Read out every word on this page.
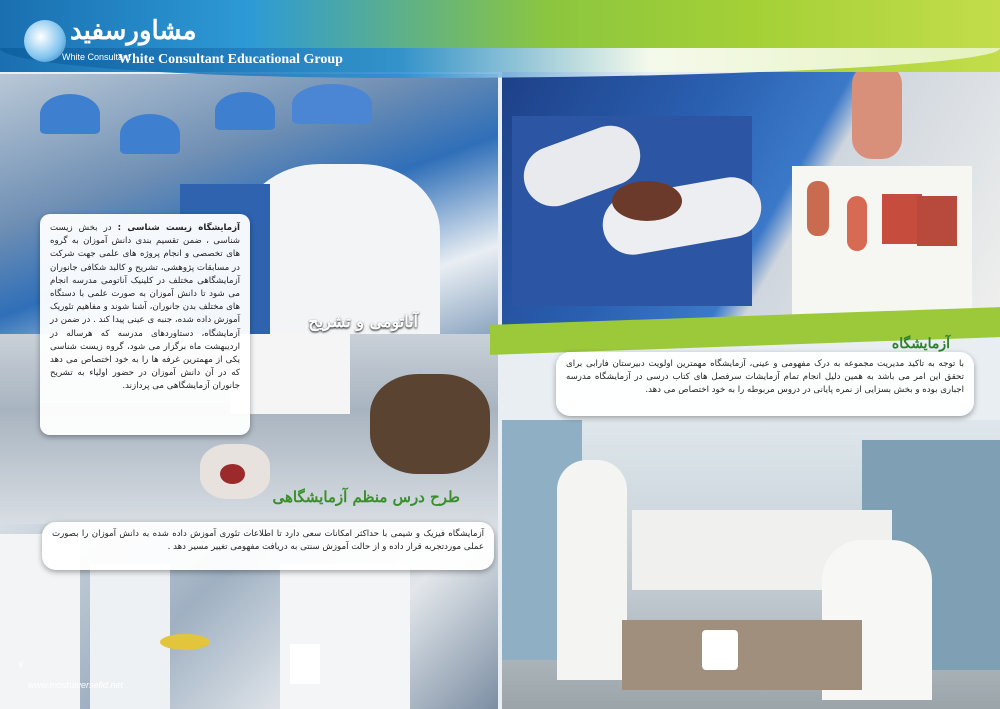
مشاورسفید
White Consultant
White Consultant Educational Group
آزمایشگاه زیست شناسی : در بخش زیست شناسی ، ضمن تقسیم بندی دانش آموزان به گروه های تخصصی و انجام پروژه های علمی جهت شرکت در مسابقات پژوهشی، تشریح و کالبد شکافی جانوران آزمایشگاهی مختلف در کلینیک آناتومی مدرسه انجام می شود تا دانش آموزان به صورت علمی با دستگاه های مختلف بدن جانوران، آشنا شوند و مفاهیم تئوریک آموزش داده شده، جنبه ی عینی پیدا کند . در ضمن در آزمایشگاه، دستاوردهای مدرسه که هرساله در اردیبهشت ماه برگزار می شود، گروه زیست شناسی یکی از مهمترین غرفه ها را به خود اختصاص می دهد که در آن دانش آموزان در حضور اولیاء به تشریح جانوران آزمایشگاهی می پردازند.
آناتومی و تشریح
آزمایشگاه
با توجه به تاکید مدیریت مجموعه به درک مفهومی و عینی، آزمایشگاه مهمترین اولویت دبیرستان فارابی برای تحقق این امر می باشد به همین دلیل انجام تمام آزمایشات سرفصل های کتاب درسی در آزمایشگاه مدرسه اجباری بوده و بخش بسزایی از نمره پایانی در دروس مربوطه را به خود اختصاص می دهد.
طرح درس منظم آزمایشگاهی
آزمایشگاه فیزیک و شیمی با حداکثر امکانات سعی دارد تا اطلاعات تئوری آموزش داده شده به دانش آموزان را بصورت عملی موردتجربه قرار داده و از حالت آموزش سنتی به دریافت مفهومی تغییر مسیر دهد .
۷
www.moshaversefid.net
